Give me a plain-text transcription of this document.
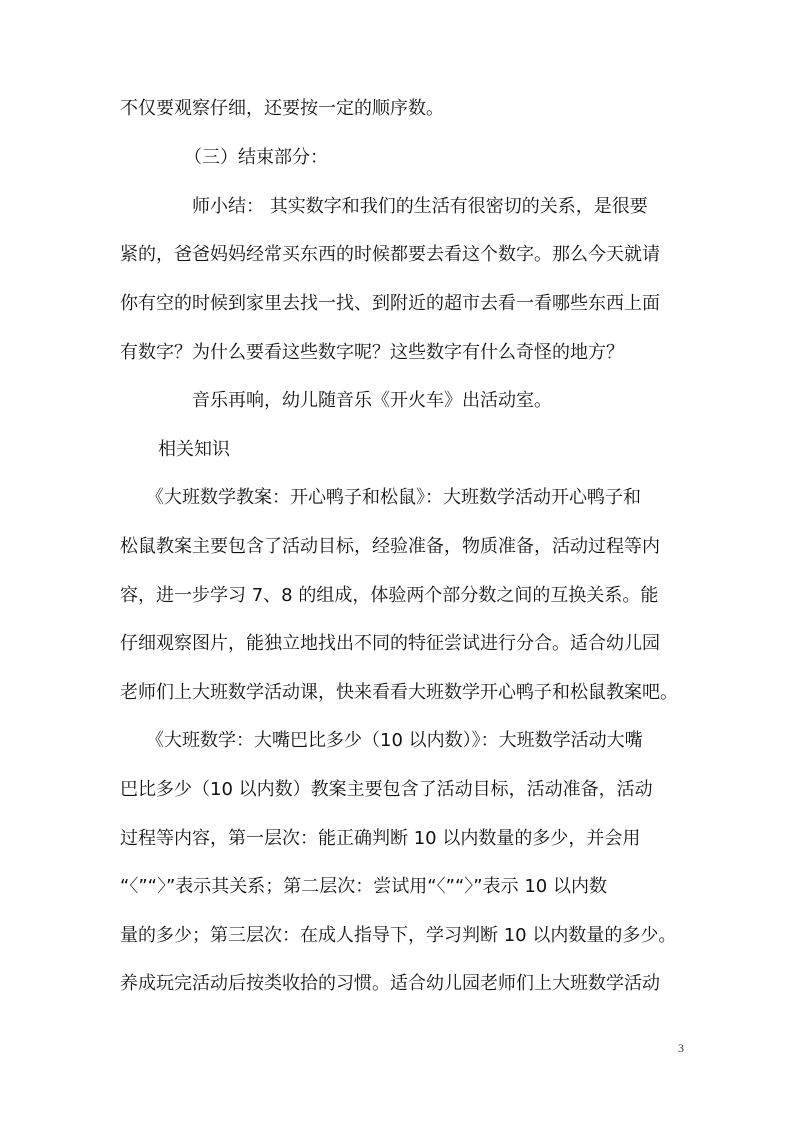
不仅要观察仔细，还要按一定的顺序数。
（三）结束部分：
师小结： 其实数字和我们的生活有很密切的关系，是很要
紧的，爸爸妈妈经常买东西的时候都要去看这个数字。那么今天就请
你有空的时候到家里去找一找、到附近的超市去看一看哪些东西上面
有数字？为什么要看这些数字呢？这些数字有什么奇怪的地方？
音乐再响，幼儿随音乐《开火车》出活动室。
相关知识
《大班数学教案：开心鸭子和松鼠》：大班数学活动开心鸭子和
松鼠教案主要包含了活动目标，经验准备，物质准备，活动过程等内
容，进一步学习 7、8 的组成，体验两个部分数之间的互换关系。能
仔细观察图片，能独立地找出不同的特征尝试进行分合。适合幼儿园
老师们上大班数学活动课，快来看看大班数学开心鸭子和松鼠教案吧。
《大班数学：大嘴巴比多少（10 以内数）》：大班数学活动大嘴
巴比多少（10 以内数）教案主要包含了活动目标，活动准备，活动
过程等内容，第一层次：能正确判断 10 以内数量的多少，并会用
“〈”“〉”表示其关系；第二层次：尝试用“〈”“〉”表示 10 以内数
量的多少；第三层次：在成人指导下，学习判断 10 以内数量的多少。
养成玩完活动后按类收拾的习惯。适合幼儿园老师们上大班数学活动
3
